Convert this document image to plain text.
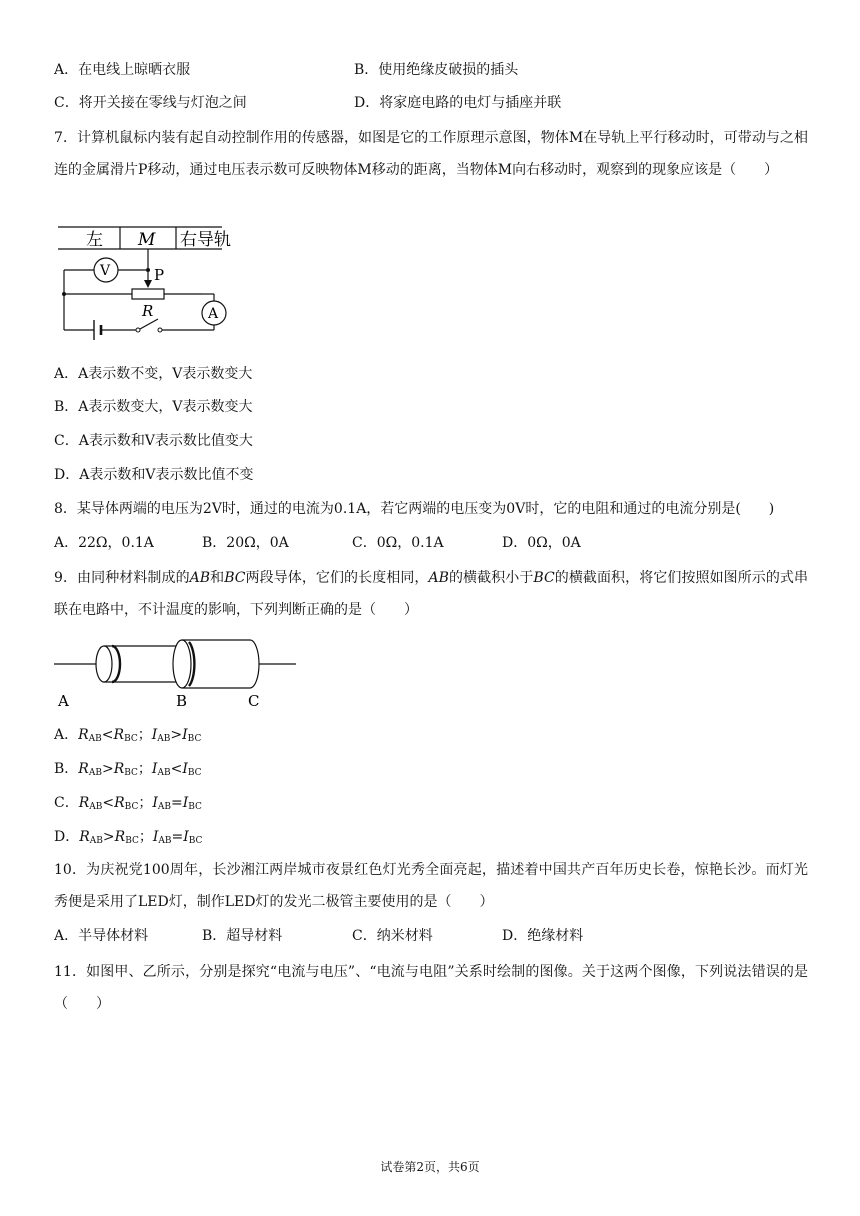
A．在电线上晾晒衣服	B．使用绝缘皮破损的插头
C．将开关接在零线与灯泡之间	D．将家庭电路的电灯与插座并联
7．计算机鼠标内装有起自动控制作用的传感器，如图是它的工作原理示意图，物体M在导轨上平行移动时，可带动与之相连的金属滑片P移动，通过电压表示数可反映物体M移动的距离，当物体M向右移动时，观察到的现象应该是（　　）
左 M 右导轨
P
V
R	A
A．A表示数不变，V表示数变大
B．A表示数变大，V表示数变大
C．A表示数和V表示数比值变大
D．A表示数和V表示数比值不变
8．某导体两端的电压为2V时，通过的电流为0.1A，若它两端的电压变为0V时，它的电阻和通过的电流分别是(　　)
A．22Ω，0.1A	B．20Ω，0A	C．0Ω，0.1A	D．0Ω，0A
9．由同种材料制成的AB和BC两段导体，它们的长度相同，AB的横截积小于BC的横截面积，将它们按照如图所示的式串联在电路中，不计温度的影响，下列判断正确的是（　　）
A	B	C
A．$R_{AB}<R_{BC}$；$I_{AB}>I_{BC}$
B．$R_{AB}>R_{BC}$；$I_{AB}<I_{BC}$
C．$R_{AB}<R_{BC}$；$I_{AB}=I_{BC}$
D．$R_{AB}>R_{BC}$；$I_{AB}=I_{BC}$
10．为庆祝党100周年，长沙湘江两岸城市夜景红色灯光秀全面亮起，描述着中国共产百年历史长卷，惊艳长沙。而灯光秀便是采用了LED灯，制作LED灯的发光二极管主要使用的是（　　）
A．半导体材料	B．超导材料	C．纳米材料	D．绝缘材料
11．如图甲、乙所示，分别是探究“电流与电压”、“电流与电阻”关系时绘制的图像。关于这两个图像，下列说法错误的是（　　）
试卷第2页，共6页
